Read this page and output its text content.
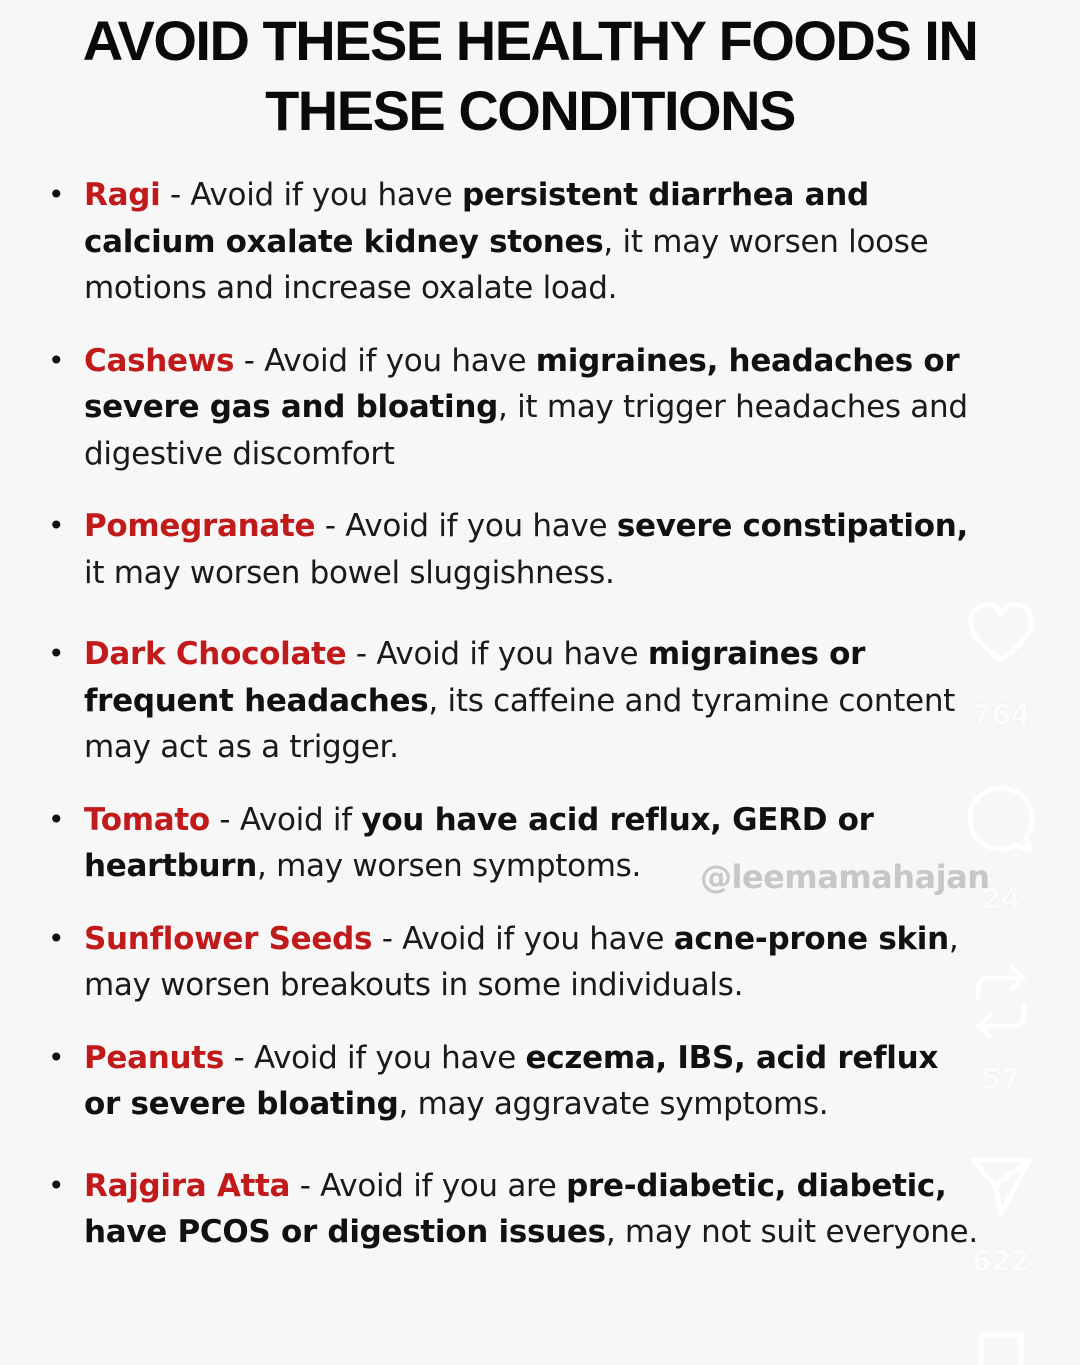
AVOID THESE HEALTHY FOODS IN
THESE CONDITIONS
• Ragi - Avoid if you have persistent diarrhea and calcium oxalate kidney stones, it may worsen loose motions and increase oxalate load.
• Cashews - Avoid if you have migraines, headaches or severe gas and bloating, it may trigger headaches and digestive discomfort
• Pomegranate - Avoid if you have severe constipation, it may worsen bowel sluggishness.
• Dark Chocolate - Avoid if you have migraines or frequent headaches, its caffeine and tyramine content may act as a trigger.
• Tomato - Avoid if you have acid reflux, GERD or heartburn, may worsen symptoms.
• Sunflower Seeds - Avoid if you have acne-prone skin, may worsen breakouts in some individuals.
• Peanuts - Avoid if you have eczema, IBS, acid reflux or severe bloating, may aggravate symptoms.
• Rajgira Atta - Avoid if you are pre-diabetic, diabetic, have PCOS or digestion issues, may not suit everyone.
@leemamahajan
764
24
57
622
